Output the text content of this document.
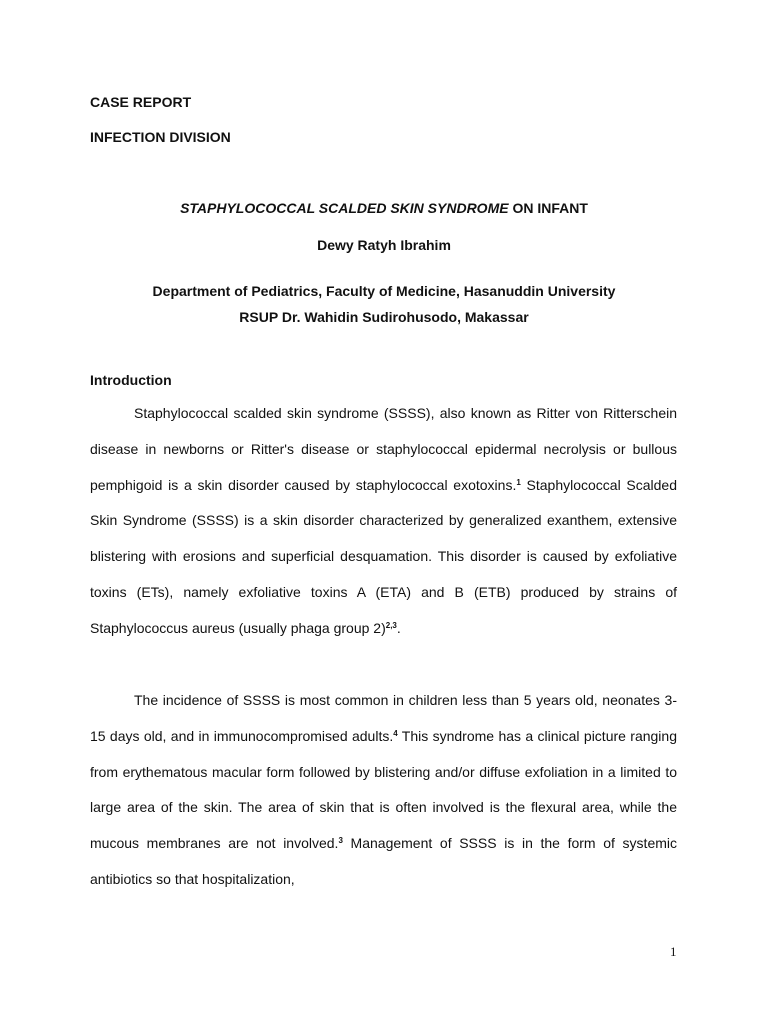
CASE REPORT

INFECTION DIVISION

STAPHYLOCOCCAL SCALDED SKIN SYNDROME ON INFANT

Dewy Ratyh Ibrahim

Department of Pediatrics, Faculty of Medicine, Hasanuddin University

RSUP Dr. Wahidin Sudirohusodo, Makassar

Introduction

Staphylococcal scalded skin syndrome (SSSS), also known as Ritter von Ritterschein disease in newborns or Ritter's disease or staphylococcal epidermal necrolysis or bullous pemphigoid is a skin disorder caused by staphylococcal exotoxins.$^1$ Staphylococcal Scalded Skin Syndrome (SSSS) is a skin disorder characterized by generalized exanthem, extensive blistering with erosions and superficial desquamation. This disorder is caused by exfoliative toxins (ETs), namely exfoliative toxins A (ETA) and B (ETB) produced by strains of Staphylococcus aureus (usually phaga group 2)$^{2,3}$.

The incidence of SSSS is most common in children less than 5 years old, neonates 3-15 days old, and in immunocompromised adults.$^4$ This syndrome has a clinical picture ranging from erythematous macular form followed by blistering and/or diffuse exfoliation in a limited to large area of the skin. The area of skin that is often involved is the flexural area, while the mucous membranes are not involved.$^3$ Management of SSSS is in the form of systemic antibiotics so that hospitalization,

1
